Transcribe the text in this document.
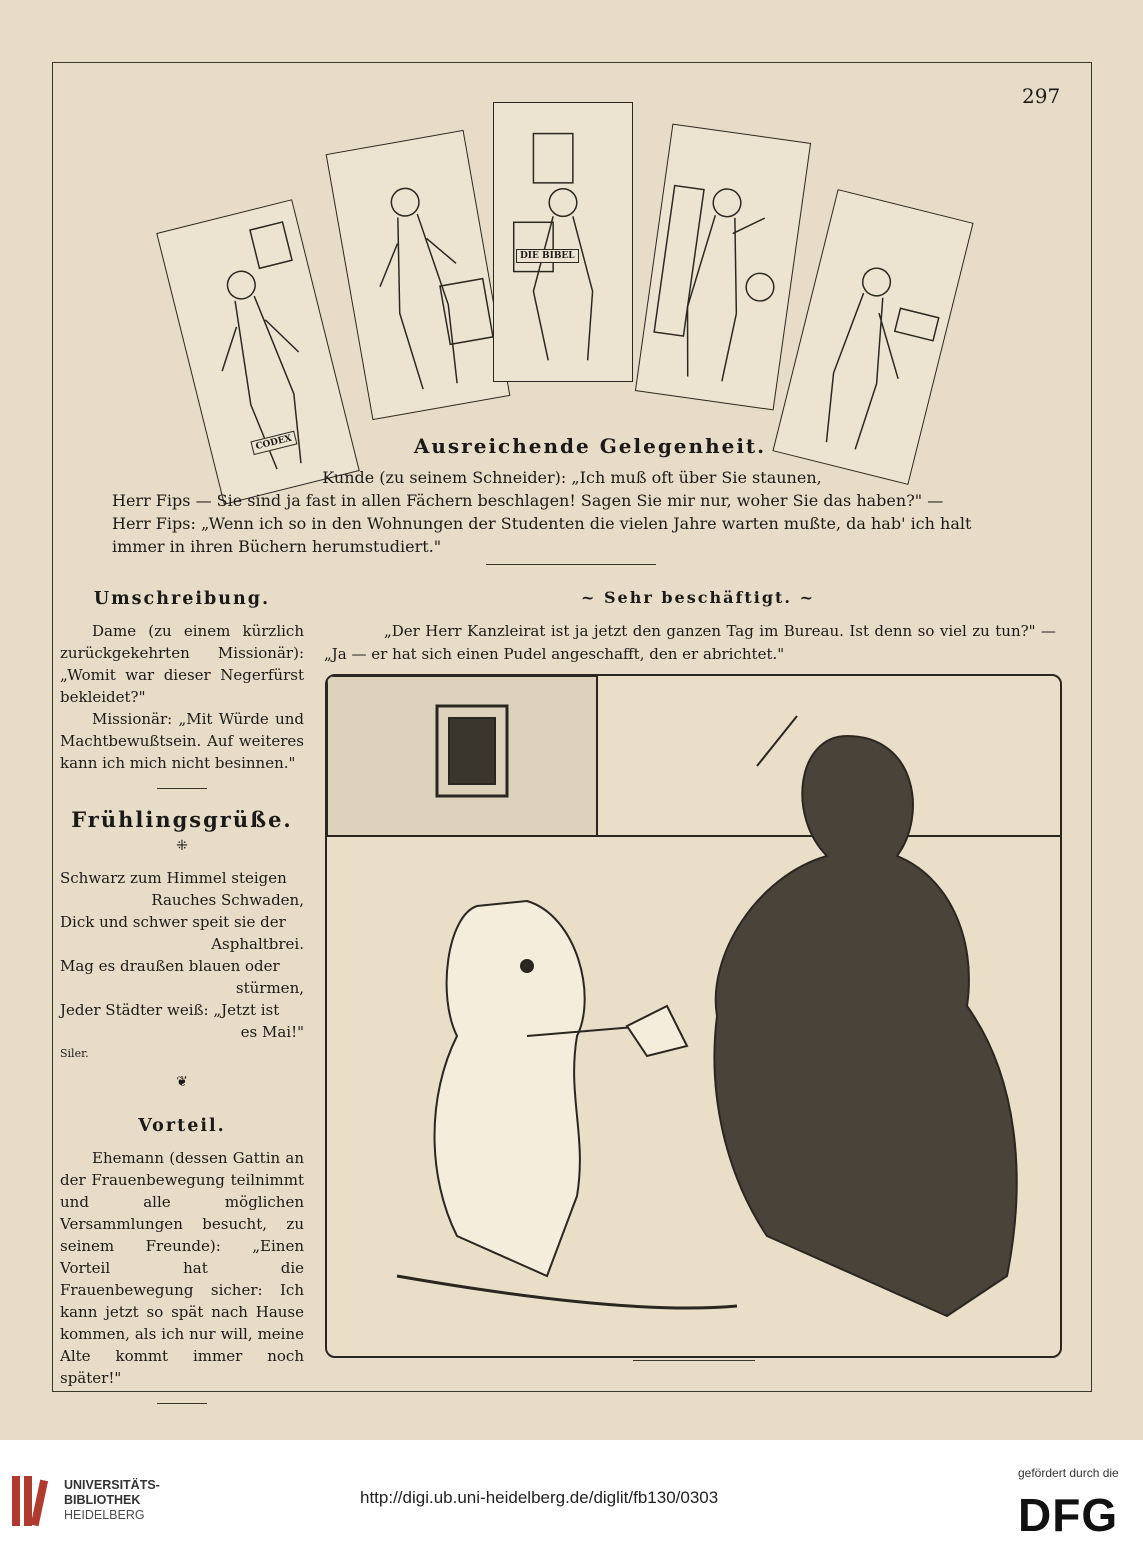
297
CODEX
DIE BIBEL
Ausreichende Gelegenheit.

Kunde (zu seinem Schneider): „Ich muß oft über Sie staunen,

Herr Fips — Sie sind ja fast in allen Fächern beschlagen! Sagen Sie mir nur, woher Sie das haben?" —

Herr Fips: „Wenn ich so in den Wohnungen der Studenten die vielen Jahre warten mußte, da hab' ich halt

immer in ihren Büchern herumstudiert."

Umschreibung.

Dame (zu einem kürzlich zurückgekehrten Missionär): „Womit war dieser Negerfürst bekleidet?"

Missionär: „Mit Würde und Machtbewußtsein. Auf weiteres kann ich mich nicht besinnen."

Frühlingsgrüße.
⁜

Schwarz zum Himmel steigen

Rauches Schwaden,

Dick und schwer speit sie der

Asphaltbrei.

Mag es draußen blauen oder

stürmen,

Jeder Städter weiß: „Jetzt ist

es Mai!"

Siler.

❦
Vorteil.

Ehemann (dessen Gattin an der Frauenbewegung teilnimmt und alle möglichen Versammlungen besucht, zu seinem Freunde): „Einen Vorteil hat die Frauenbewegung sicher: Ich kann jetzt so spät nach Hause kommen, als ich nur will, meine Alte kommt immer noch später!"

~ Sehr beschäftigt. ~

„Der Herr Kanzleirat ist ja jetzt den ganzen Tag im Bureau. Ist denn so viel zu tun?" — „Ja — er hat sich einen Pudel angeschafft, den er abrichtet."

UNIVERSITÄTS-
BIBLIOTHEK
HEIDELBERG
http://digi.ub.uni-heidelberg.de/diglit/fb130/0303
gefördert durch die
DFG
